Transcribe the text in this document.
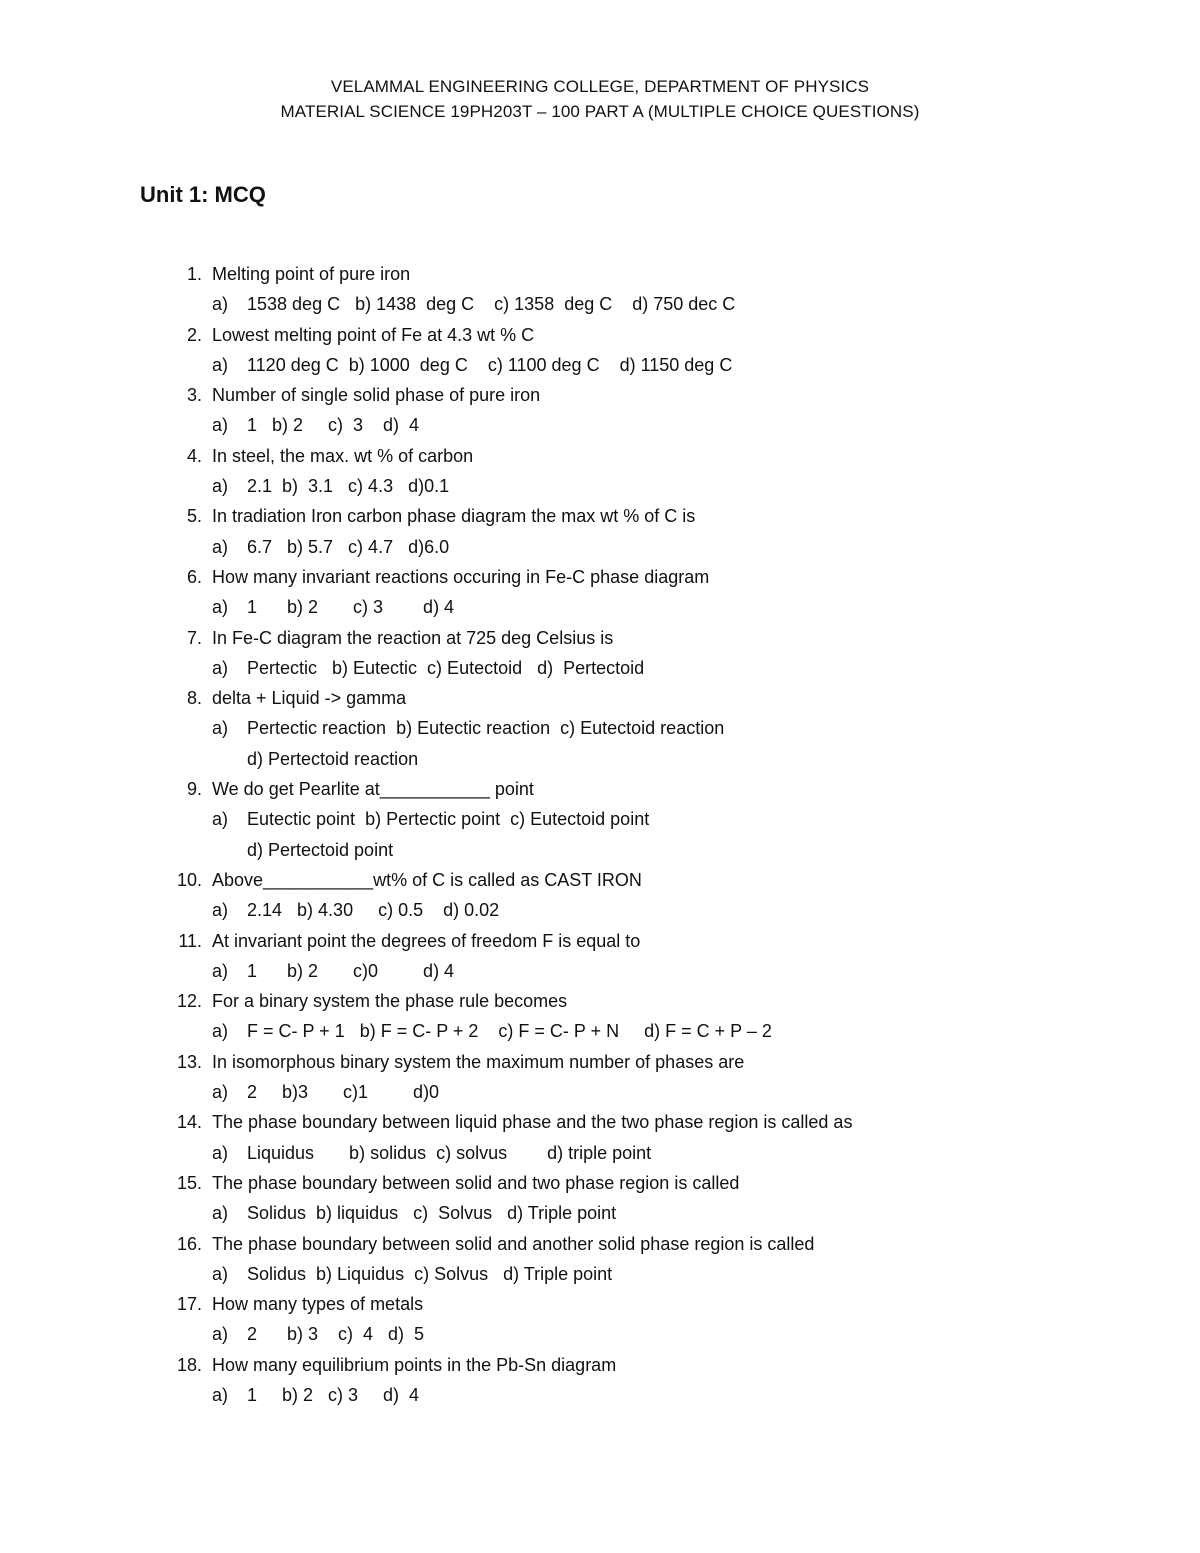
VELAMMAL ENGINEERING COLLEGE, DEPARTMENT OF PHYSICS
MATERIAL SCIENCE 19PH203T – 100 PART A (MULTIPLE CHOICE QUESTIONS)
Unit 1: MCQ
1. Melting point of pure iron
a) 1538 deg C   b) 1438  deg C    c) 1358  deg C    d) 750 dec C
2. Lowest melting point of Fe at 4.3 wt % C
a) 1120 deg C  b) 1000  deg C    c) 1100 deg C    d) 1150 deg C
3. Number of single solid phase of pure iron
a) 1   b) 2     c)  3    d)  4
4. In steel, the max. wt % of carbon
a) 2.1  b)  3.1   c) 4.3   d)0.1
5. In tradiation Iron carbon phase diagram the max wt % of C is
a) 6.7   b) 5.7   c) 4.7   d)6.0
6. How many invariant reactions occuring in Fe-C phase diagram
a) 1      b) 2       c) 3        d) 4
7. In Fe-C diagram the reaction at 725 deg Celsius is
a) Pertectic   b) Eutectic  c) Eutectoid   d)  Pertectoid
8. delta + Liquid -> gamma
a) Pertectic reaction  b) Eutectic reaction  c) Eutectoid reaction
d) Pertectoid reaction
9. We do get Pearlite at___________ point
a) Eutectic point  b) Pertectic point  c) Eutectoid point
d) Pertectoid point
10. Above___________wt% of C is called as CAST IRON
a) 2.14   b) 4.30     c) 0.5    d) 0.02
11. At invariant point the degrees of freedom F is equal to
a) 1      b) 2       c)0         d) 4
12. For a binary system the phase rule becomes
a) F = C- P + 1   b) F = C- P + 2    c) F = C- P + N     d) F = C + P – 2
13. In isomorphous binary system the maximum number of phases are
a) 2     b)3       c)1         d)0
14. The phase boundary between liquid phase and the two phase region is called as
a) Liquidus       b) solidus  c) solvus        d) triple point
15. The phase boundary between solid and two phase region is called
a) Solidus  b) liquidus   c)  Solvus   d) Triple point
16. The phase boundary between solid and another solid phase region is called
a) Solidus  b) Liquidus  c) Solvus   d) Triple point
17. How many types of metals
a) 2      b) 3    c)  4   d)  5
18. How many equilibrium points in the Pb-Sn diagram
a) 1     b) 2   c) 3     d)  4
